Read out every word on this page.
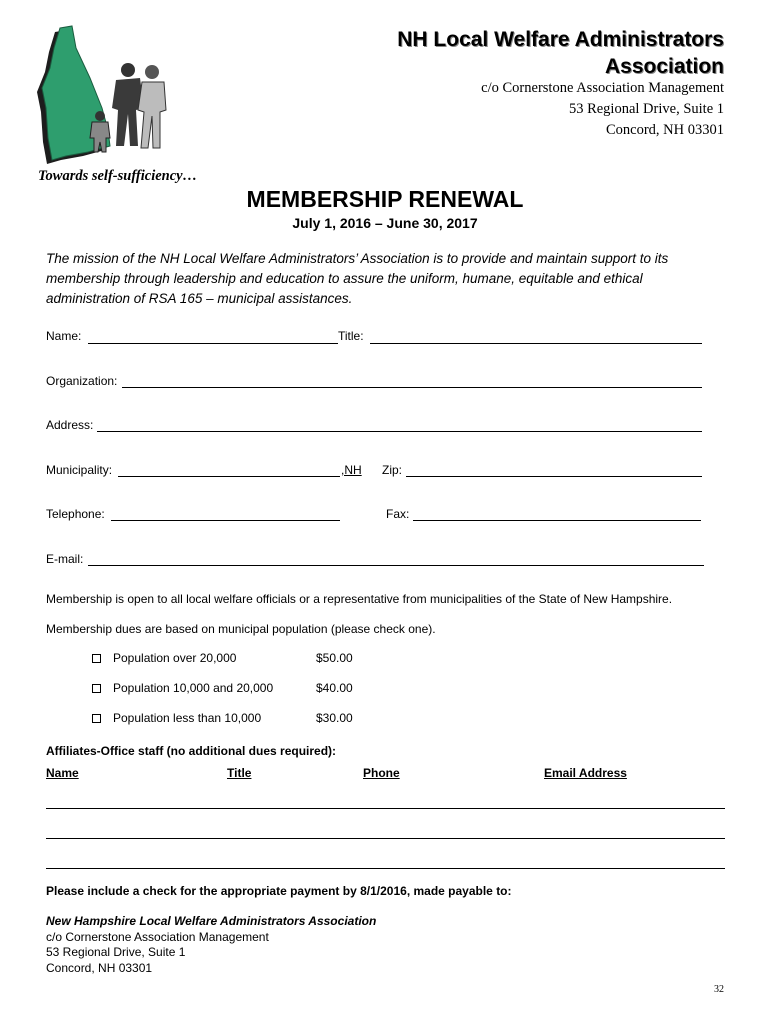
NH Local Welfare Administrators
Association
c/o Cornerstone Association Management
53 Regional Drive, Suite 1
Concord, NH 03301
Towards self-sufficiency…
MEMBERSHIP RENEWAL
July 1, 2016 – June 30, 2017
The mission of the NH Local Welfare Administrators’ Association is to provide and maintain support to its membership through leadership and education to assure the uniform, humane, equitable and ethical administration of RSA 165 – municipal assistances.
Name:	Title:
Organization:
Address:
Municipality:	,NH Zip:
Telephone:	Fax:
E-mail:
Membership is open to all local welfare officials or a representative from municipalities of the State of New Hampshire.
Membership dues are based on municipal population (please check one).
Population over 20,000	$50.00
Population 10,000 and 20,000	$40.00
Population less than 10,000	$30.00
Affiliates-Office staff (no additional dues required):
Name	Title	Phone	Email Address
Please include a check for the appropriate payment by 8/1/2016, made payable to:
New Hampshire Local Welfare Administrators Association
c/o Cornerstone Association Management
53 Regional Drive, Suite 1
Concord, NH 03301
32
